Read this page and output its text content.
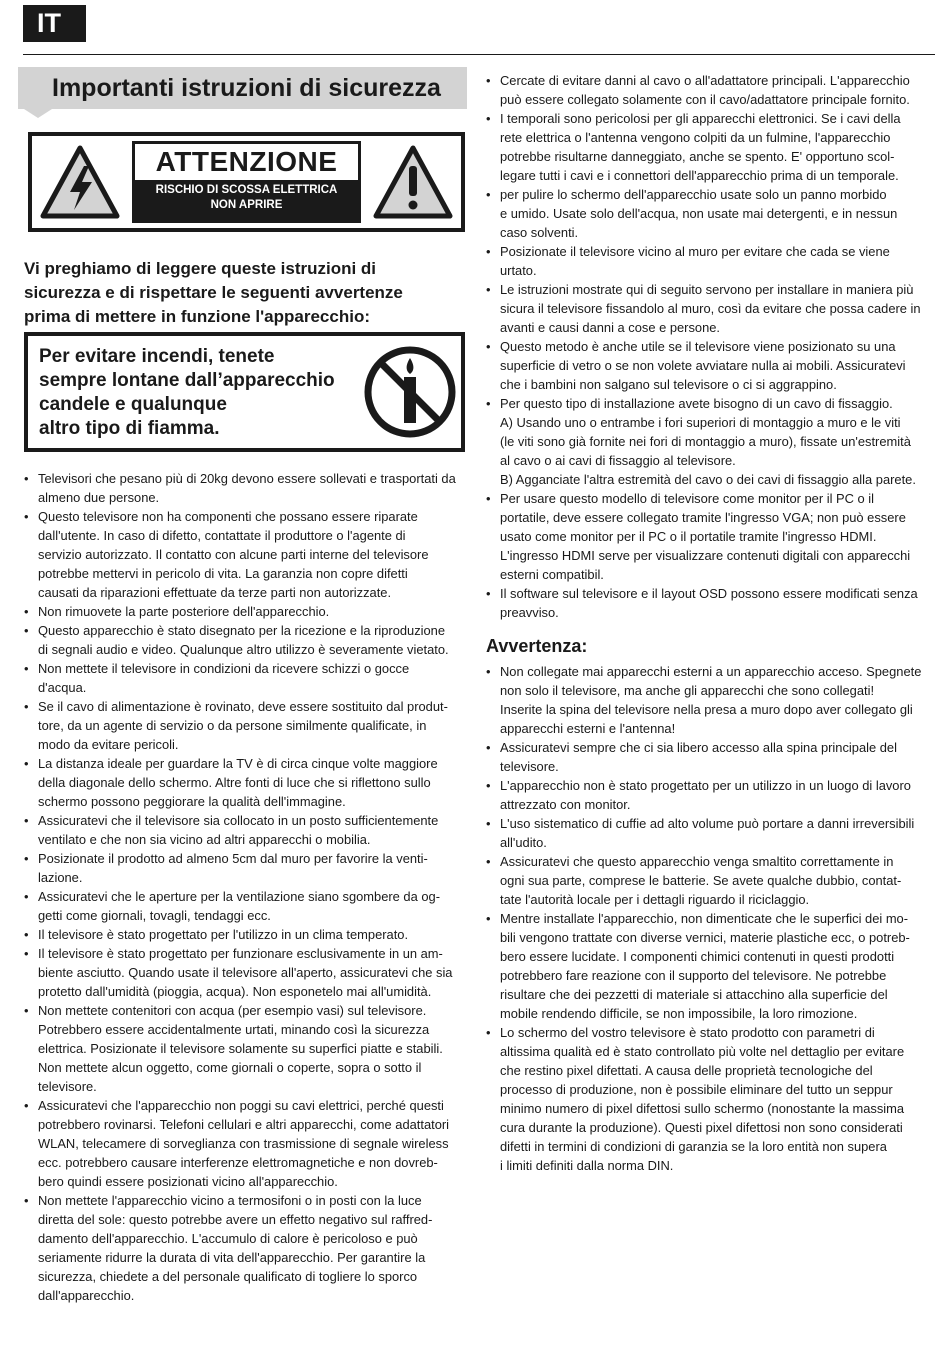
IT
Importanti istruzioni di sicurezza
ATTENZIONE
RISCHIO DI SCOSSA ELETTRICA
NON APRIRE
Vi preghiamo di leggere queste istruzioni di
sicurezza e di rispettare le seguenti avvertenze
prima di mettere in funzione l'apparecchio:
Per evitare incendi, tenete
sempre lontane dall’apparecchio
candele e qualunque
altro tipo di fiamma.
• Televisori che pesano più di 20kg devono essere sollevati e trasportati da
almeno due persone.
• Questo televisore non ha componenti che possano essere riparate
dall'utente. In caso di difetto, contattate il produttore o l'agente di
servizio autorizzato. Il contatto con alcune parti interne del televisore
potrebbe mettervi in pericolo di vita. La garanzia non copre difetti
causati da riparazioni effettuate da terze parti non autorizzate.
• Non rimuovete la parte posteriore dell'apparecchio.
• Questo apparecchio è stato disegnato per la ricezione e la riproduzione
di segnali audio e video. Qualunque altro utilizzo è severamente vietato.
• Non mettete il televisore in condizioni da ricevere schizzi o gocce
d'acqua.
• Se il cavo di alimentazione è rovinato, deve essere sostituito dal produt-
tore, da un agente di servizio o da persone similmente qualificate, in
modo da evitare pericoli.
• La distanza ideale per guardare la TV è di circa cinque volte maggiore
della diagonale dello schermo. Altre fonti di luce che si riflettono sullo
schermo possono peggiorare la qualità dell'immagine.
• Assicuratevi che il televisore sia collocato in un posto sufficientemente
ventilato e che non sia vicino ad altri apparecchi o mobilia.
• Posizionate il prodotto ad almeno 5cm dal muro per favorire la venti-
lazione.
• Assicuratevi che le aperture per la ventilazione siano sgombere da og-
getti come giornali, tovagli, tendaggi ecc.
• Il televisore è stato progettato per l'utilizzo in un clima temperato.
• Il televisore è stato progettato per funzionare esclusivamente in un am-
biente asciutto. Quando usate il televisore all'aperto, assicuratevi che sia
protetto dall'umidità (pioggia, acqua). Non esponetelo mai all'umidità.
• Non mettete contenitori con acqua (per esempio vasi) sul televisore.
Potrebbero essere accidentalmente urtati, minando così la sicurezza
elettrica. Posizionate il televisore solamente su superfici piatte e stabili.
Non mettete alcun oggetto, come giornali o coperte, sopra o sotto il
televisore.
• Assicuratevi che l'apparecchio non poggi su cavi elettrici, perché questi
potrebbero rovinarsi. Telefoni cellulari e altri apparecchi, come adattatori
WLAN, telecamere di sorveglianza con trasmissione di segnale wireless
ecc. potrebbero causare interferenze elettromagnetiche e non dovreb-
bero quindi essere posizionati vicino all'apparecchio.
• Non mettete l'apparecchio vicino a termosifoni o in posti con la luce
diretta del sole: questo potrebbe avere un effetto negativo sul raffred-
damento dell'apparecchio. L'accumulo di calore è pericoloso e può
seriamente ridurre la durata di vita dell'apparecchio. Per garantire la
sicurezza, chiedete a del personale qualificato di togliere lo sporco
dall'apparecchio.
• Cercate di evitare danni al cavo o all'adattatore principali. L'apparecchio
può essere collegato solamente con il cavo/adattatore principale fornito.
• I temporali sono pericolosi per gli apparecchi elettronici. Se i cavi della
rete elettrica o l'antenna vengono colpiti da un fulmine, l'apparecchio
potrebbe risultarne danneggiato, anche se spento. E' opportuno scol-
legare tutti i cavi e i connettori dell'apparecchio prima di un temporale.
• per pulire lo schermo dell'apparecchio usate solo un panno morbido
e umido. Usate solo dell'acqua, non usate mai detergenti, e in nessun
caso solventi.
• Posizionate il televisore vicino al muro per evitare che cada se viene
urtato.
• Le istruzioni mostrate qui di seguito servono per installare in maniera più
sicura il televisore fissandolo al muro, così da evitare che possa cadere in
avanti e causi danni a cose e persone.
• Questo metodo è anche utile se il televisore viene posizionato su una
superficie di vetro o se non volete avviatare nulla ai mobili. Assicuratevi
che i bambini non salgano sul televisore o ci si aggrappino.
• Per questo tipo di installazione avete bisogno di un cavo di fissaggio.
A) Usando uno o entrambe i fori superiori di montaggio a muro e le viti
(le viti sono già fornite nei fori di montaggio a muro), fissate un'estremità
al cavo o ai cavi di fissaggio al televisore.
B) Agganciate l'altra estremità del cavo o dei cavi di fissaggio alla parete.
• Per usare questo modello di televisore come monitor per il PC o il
portatile, deve essere collegato tramite l'ingresso VGA; non può essere
usato come monitor per il PC o il portatile tramite l'ingresso HDMI.
L'ingresso HDMI serve per visualizzare contenuti digitali con apparecchi
esterni compatibil.
• Il software sul televisore e il layout OSD possono essere modificati senza
preavviso.
Avvertenza:
• Non collegate mai apparecchi esterni a un apparecchio acceso. Spegnete
non solo il televisore, ma anche gli apparecchi che sono collegati!
Inserite la spina del televisore nella presa a muro dopo aver collegato gli
apparecchi esterni e l'antenna!
• Assicuratevi sempre che ci sia libero accesso alla spina principale del
televisore.
• L'apparecchio non è stato progettato per un utilizzo in un luogo di lavoro
attrezzato con monitor.
• L'uso sistematico di cuffie ad alto volume può portare a danni irreversibili
all'udito.
• Assicuratevi che questo apparecchio venga smaltito correttamente in
ogni sua parte, comprese le batterie. Se avete qualche dubbio, contat-
tate l'autorità locale per i dettagli riguardo il riciclaggio.
• Mentre installate l'apparecchio, non dimenticate che le superfici dei mo-
bili vengono trattate con diverse vernici, materie plastiche ecc, o potreb-
bero essere lucidate. I componenti chimici contenuti in questi prodotti
potrebbero fare reazione con il supporto del televisore. Ne potrebbe
risultare che dei pezzetti di materiale si attacchino alla superficie del
mobile rendendo difficile, se non impossibile, la loro rimozione.
• Lo schermo del vostro televisore è stato prodotto con parametri di
altissima qualità ed è stato controllato più volte nel dettaglio per evitare
che restino pixel difettati. A causa delle proprietà tecnologiche del
processo di produzione, non è possibile eliminare del tutto un seppur
minimo numero di pixel difettosi sullo schermo (nonostante la massima
cura durante la produzione). Questi pixel difettosi non sono considerati
difetti in termini di condizioni di garanzia se la loro entità non supera
i limiti definiti dalla norma DIN.
